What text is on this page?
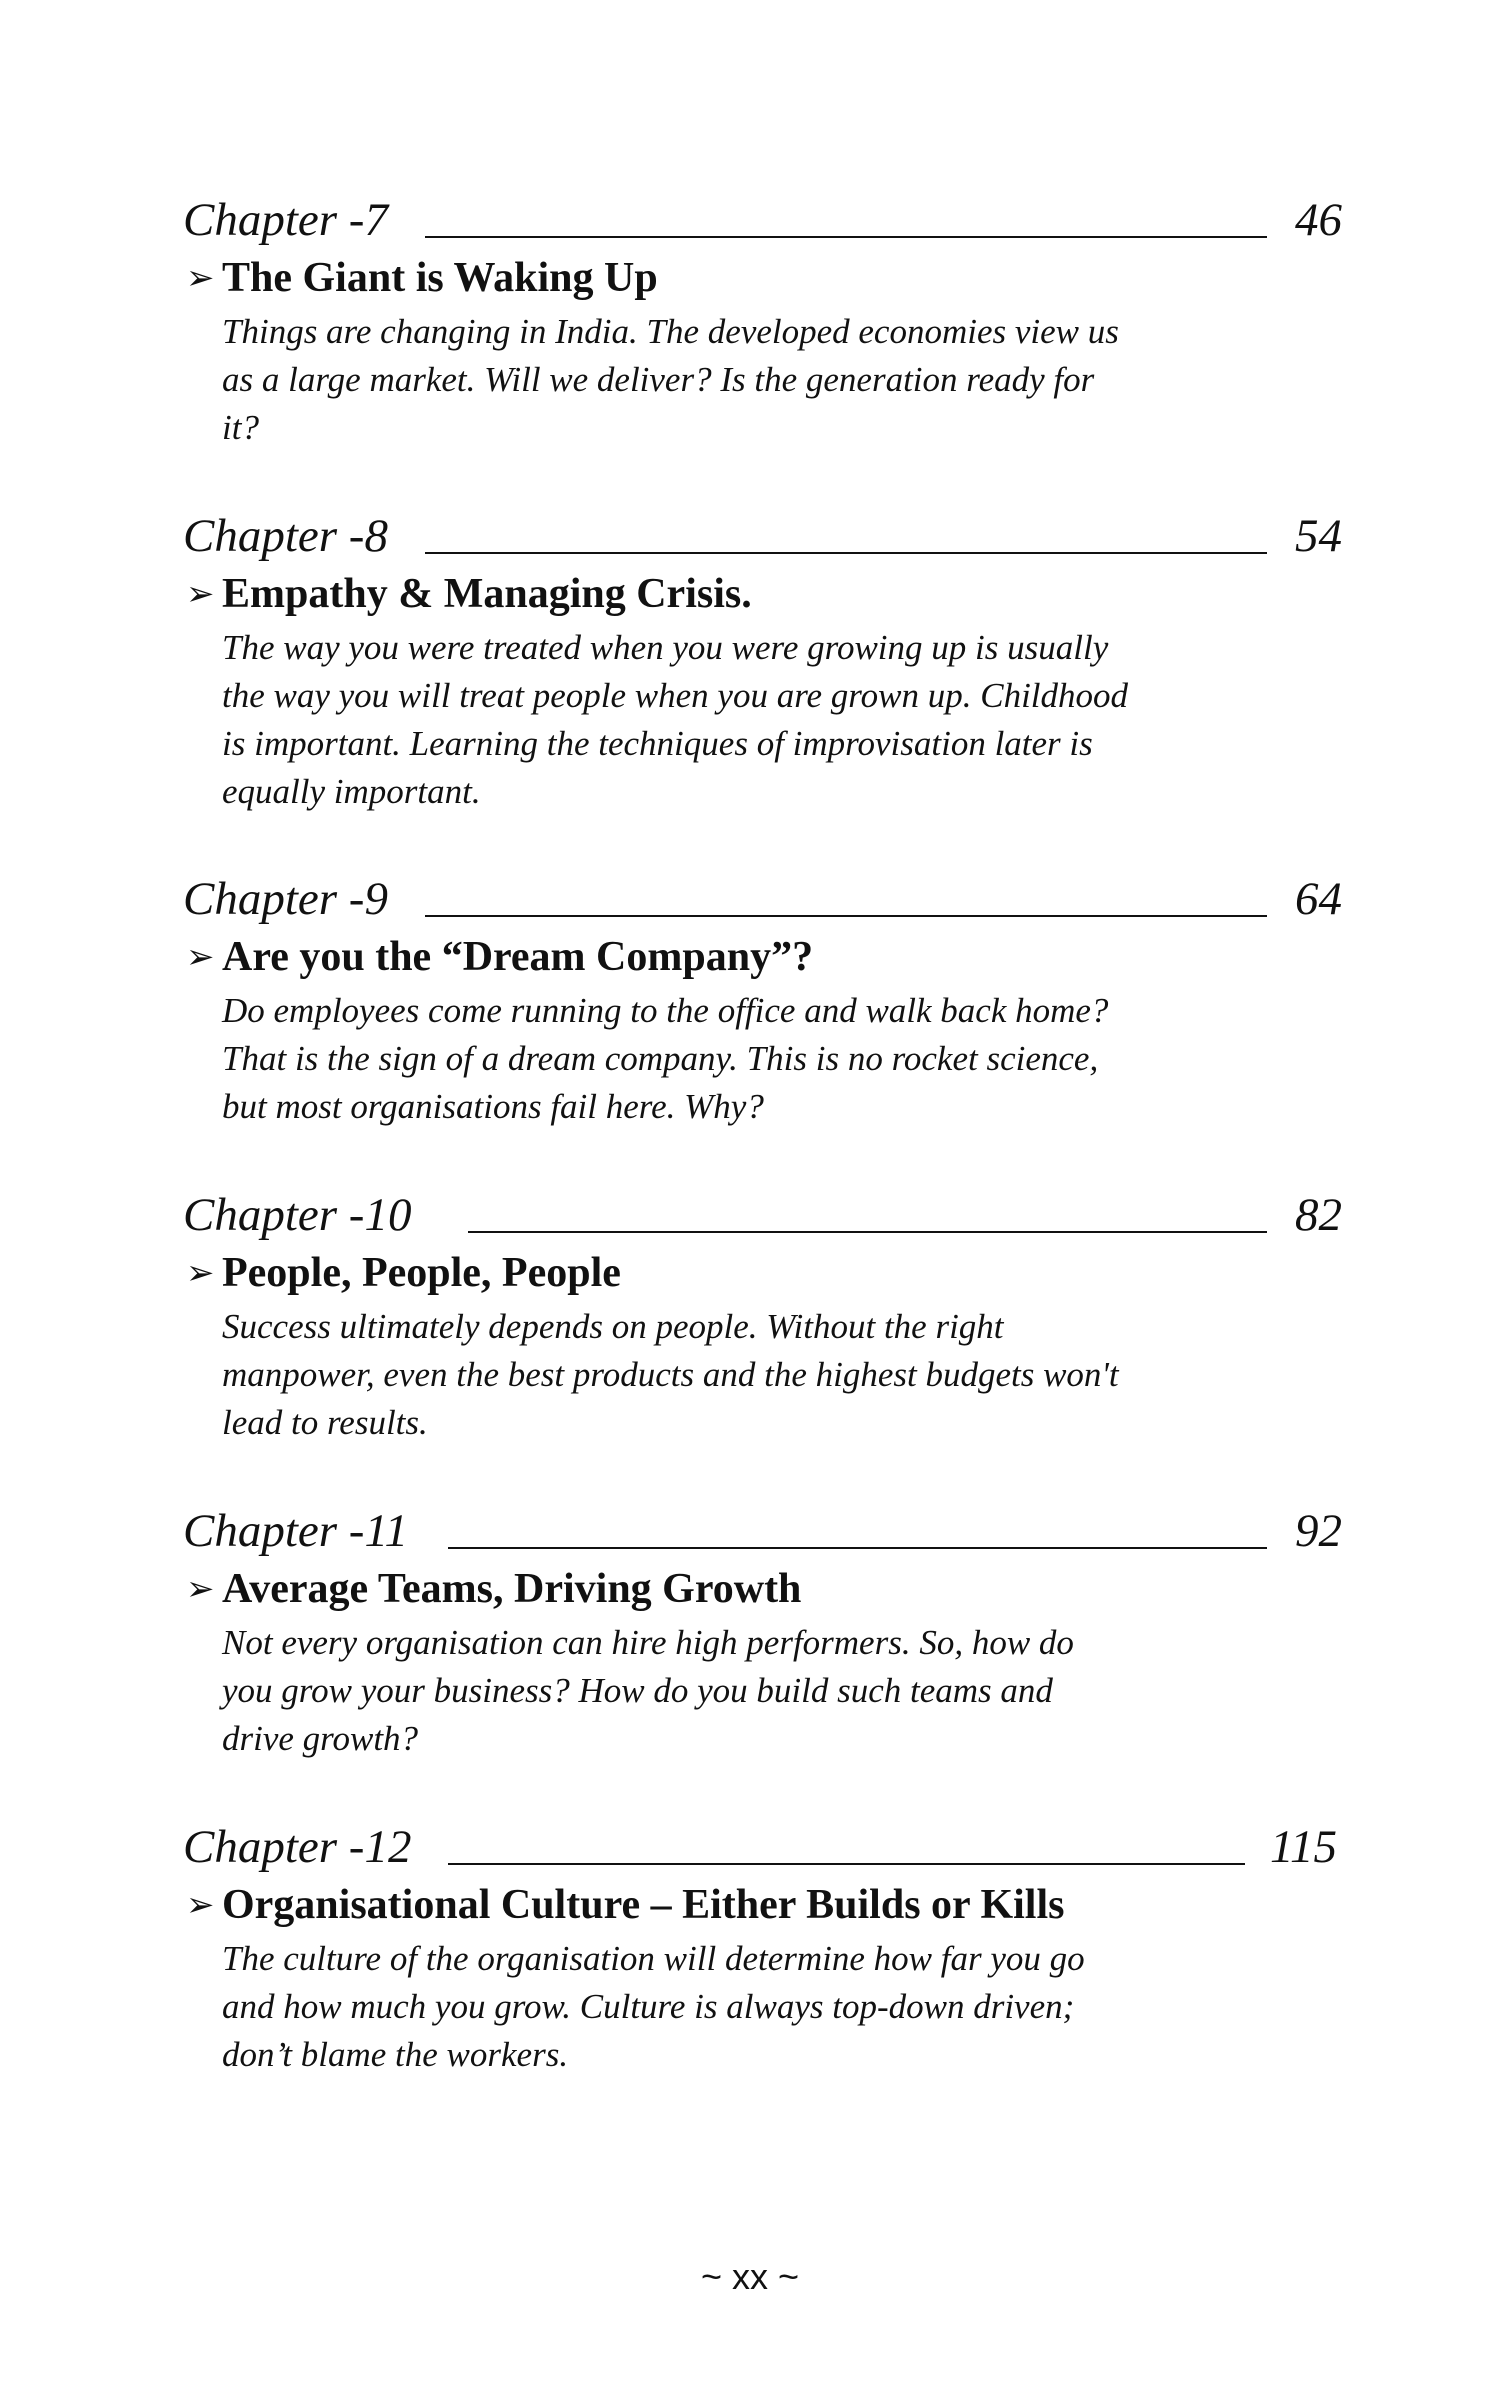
Chapter -7	46
➢ The Giant is Waking Up
Things are changing in India. The developed economies view us
as a large market. Will we deliver? Is the generation ready for
it?
Chapter -8	54
➢ Empathy & Managing Crisis.
The way you were treated when you were growing up is usually
the way you will treat people when you are grown up. Childhood
is important. Learning the techniques of improvisation later is
equally important.
Chapter -9	64
➢ Are you the “Dream Company”?
Do employees come running to the office and walk back home?
That is the sign of a dream company. This is no rocket science,
but most organisations fail here. Why?
Chapter -10	82
➢ People, People, People
Success ultimately depends on people. Without the right
manpower, even the best products and the highest budgets won't
lead to results.
Chapter -11	92
➢ Average Teams, Driving Growth
Not every organisation can hire high performers. So, how do
you grow your business? How do you build such teams and
drive growth?
Chapter -12	115
➢ Organisational Culture – Either Builds or Kills
The culture of the organisation will determine how far you go
and how much you grow. Culture is always top-down driven;
don’t blame the workers.
~ xx ~
